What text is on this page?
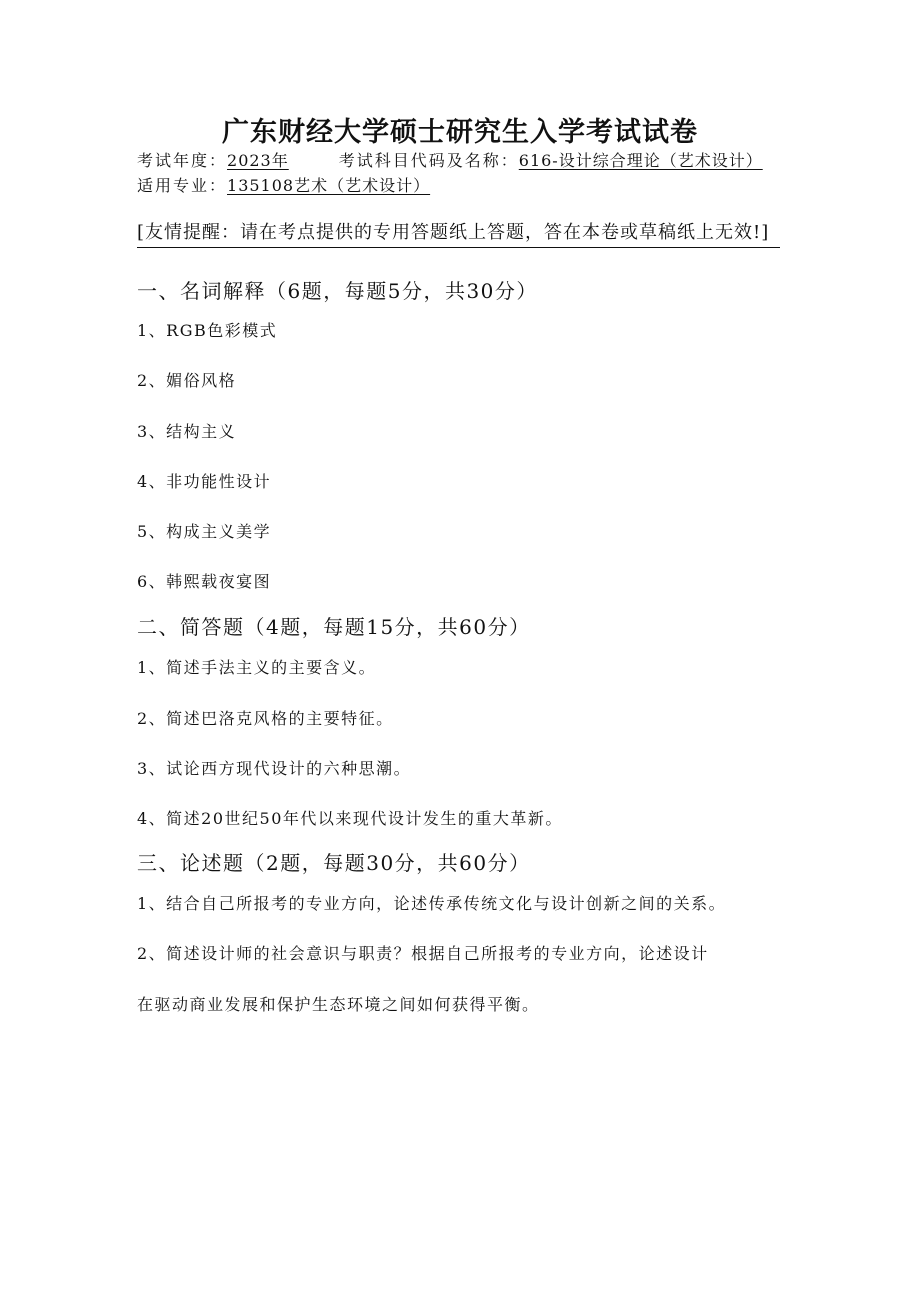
广东财经大学硕士研究生入学考试试卷
考试年度：2023年	考试科目代码及名称：616-设计综合理论（艺术设计）
适用专业：135108艺术（艺术设计）
[友情提醒：请在考点提供的专用答题纸上答题，答在本卷或草稿纸上无效!]
一、名词解释（6题，每题5分，共30分）
1、RGB色彩模式
2、媚俗风格
3、结构主义
4、非功能性设计
5、构成主义美学
6、韩熙载夜宴图
二、简答题（4题，每题15分，共60分）
1、简述手法主义的主要含义。
2、简述巴洛克风格的主要特征。
3、试论西方现代设计的六种思潮。
4、简述20世纪50年代以来现代设计发生的重大革新。
三、论述题（2题，每题30分，共60分）
1、结合自己所报考的专业方向，论述传承传统文化与设计创新之间的关系。
2、简述设计师的社会意识与职责？根据自己所报考的专业方向，论述设计
在驱动商业发展和保护生态环境之间如何获得平衡。
